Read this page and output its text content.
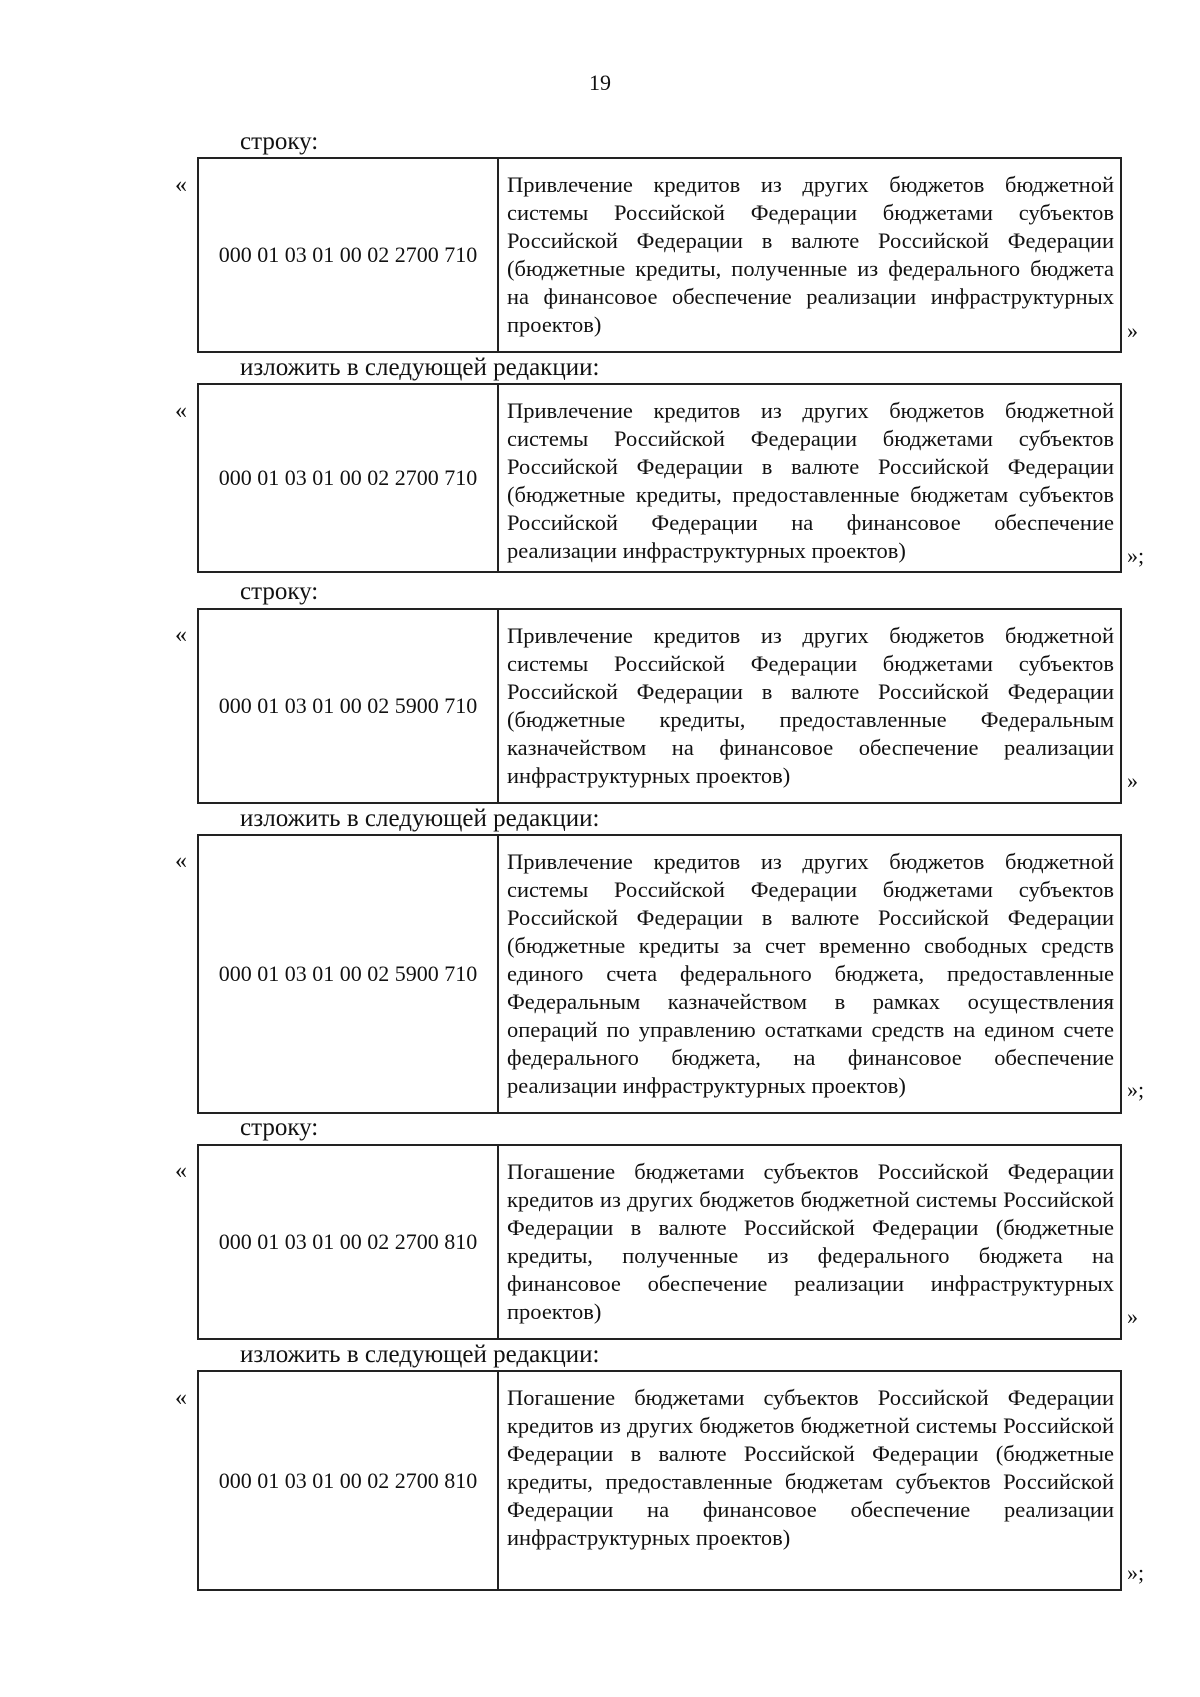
19
строку:
«
000 01 03 01 00 02 2700 710
Привлечение кредитов из других бюджетов бюджетной системы Российской Федерации бюджетами субъектов Российской Федерации в валюте Российской Федерации (бюджетные кредиты, полученные из федерального бюджета на финансовое обеспечение реализации инфраструктурных проектов)	»
изложить в следующей редакции:
«
000 01 03 01 00 02 2700 710
Привлечение кредитов из других бюджетов бюджетной системы Российской Федерации бюджетами субъектов Российской Федерации в валюте Российской Федерации (бюджетные кредиты, предоставленные бюджетам субъектов Российской Федерации на финансовое обеспечение реализации инфраструктурных проектов)	»;
строку:
«
000 01 03 01 00 02 5900 710
Привлечение кредитов из других бюджетов бюджетной системы Российской Федерации бюджетами субъектов Российской Федерации в валюте Российской Федерации (бюджетные кредиты, предоставленные Федеральным казначейством на финансовое обеспечение реализации инфраструктурных проектов)	»
изложить в следующей редакции:
«
000 01 03 01 00 02 5900 710
Привлечение кредитов из других бюджетов бюджетной системы Российской Федерации бюджетами субъектов Российской Федерации в валюте Российской Федерации (бюджетные кредиты за счет временно свободных средств единого счета федерального бюджета, предоставленные Федеральным казначейством в рамках осуществления операций по управлению остатками средств на едином счете федерального бюджета, на финансовое обеспечение реализации инфраструктурных проектов)	»;
строку:
«
000 01 03 01 00 02 2700 810
Погашение бюджетами субъектов Российской Федерации кредитов из других бюджетов бюджетной системы Российской Федерации в валюте Российской Федерации (бюджетные кредиты, полученные из федерального бюджета на финансовое обеспечение реализации инфраструктурных проектов)	»
изложить в следующей редакции:
«
000 01 03 01 00 02 2700 810
Погашение бюджетами субъектов Российской Федерации кредитов из других бюджетов бюджетной системы Российской Федерации в валюте Российской Федерации (бюджетные кредиты, предоставленные бюджетам субъектов Российской Федерации на финансовое обеспечение реализации инфраструктурных проектов)
»;
